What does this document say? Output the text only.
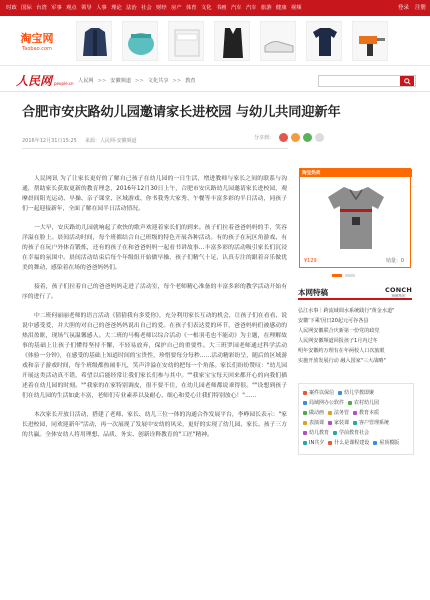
时政 国际 台湾 军事 观点 领导 人事 理论 法治 社会 财经 房产 体育 文化 书画 汽车 汽车 旅游 健康 视频	登录 注册
淘宝网
Taobao.com
人民网 people.cn 人民网 >> 安徽频道 >> 文化共享 >> 教育
合肥市安庆路幼儿园邀请家长进校园 与幼儿共同迎新年
2016年12月31日15:25 来源：人民网-安徽频道	分享到：

人民网讯 为了让家长更好的了解自己孩子在幼儿园的一日生活，增进教师与家长之间的联系与沟通，帮助家长获取更新的教育理念，2016年12月30日上午，合肥市安庆路幼儿园邀请家长进校园，观摩晨间阳光运动、早操、亲子课堂、区域游戏、你书我秀大家秀、午餐等丰富多彩的半日活动，同孩子们一起迎接新年，全面了解在园半日活动情况。

一大早，安庆路幼儿园就响起了欢快的歌声欢迎着家长们的到来。孩子们拉着爸爸妈妈的手，笑容洋溢在脸上。晨间活动时间，每个班都结合自己班级的特色开展各种活动。有的孩子在玩区角游戏、有的孩子在玩户外体育锻炼，还有的孩子在和爸爸妈妈一起看书讲故事…丰富多彩的活动吸引家长们沉浸在幸福的氛围中。晨间活动结束后每个年级组开始做早操，孩子们精气十足，认真专注的跟着音乐做优美的舞动，感染着在场的爸爸妈妈们。

接着，孩子们拉着自己的爸爸妈妈走进了活动室，每个老师精心准备的丰富多彩的教学活动开始有序的进行了。

中二班何丽丽老师的语言活动《猜猜我有多爱你》，充分利用家长互动的机会，让孩子们在看看、说说中感受爱，并大胆的对自己的爸爸妈妈说出自己的爱。在孩子们表达爱的环节，爸爸妈妈们被感动的热泪盈眶，现场气氛温馨感人。大二班的马梅老师以综合活动《一根羽毛也不能动》为主题，在理解故事的基础上让孩子们懂得坚持不懈，不轻易放弃，保护自己的重要性。大三班罗园老师通过科学活动《体验一分钟》，在感受的基础上知道时间的宝贵性，珍惜要每分每秒……活动精彩纷呈，随后的区域游戏和亲子游戏时间，每个班级都热闹非凡，笑声洋溢在安幼的把每一个角落。家长们纷纷赞叹："幼儿园开展这类活动真不错，希望以后能经常让我们家长们参与其中。""我家宝宝每天回来都开心的向我们描述着在幼儿园的时刻。""我家的在家特别调皮，很不要不住，在幼儿园老师都说乖得很。""设想到孩子们在幼儿园的生活如此丰富，老师们专业素养以及耐心、细心和爱心让我们特别放心！"……

本次家长开放日活动，搭建了老师、家长、幼儿三位一体的沟通合作发展平台，李峥园长表示："家长进校园，同欢迎新年"活动，再一次展现了发展中安幼的风采，更好的实现了幼儿园、家长、孩子三方的共赢。全体安幼人将用理想、品质、务实、创新诠释教育的"工匠"精神。

淘宝热卖
¥129	销量：0
本网特稿	CONCH
海螺集团
弘江水事｜跨流域调水系统践行"黄金水道"
安徽'下乘'因日20起元可谷各县
人民网安徽联合庆新第一份党的政党
人民网安徽频道回报孩子1月内过冬
明年安徽约万理有在年两校人口次旅眼
实施开放发展行动 融入国家"三大战略"
案件以保信 幼儿学教即聚
局域网办公软件 农村幼儿园
做动画 法务管 教育本质
表演课 家装课 客户管理系统
幼儿教育 学前教育社会
IN共夕 什么是课程建设 屋顶模版
